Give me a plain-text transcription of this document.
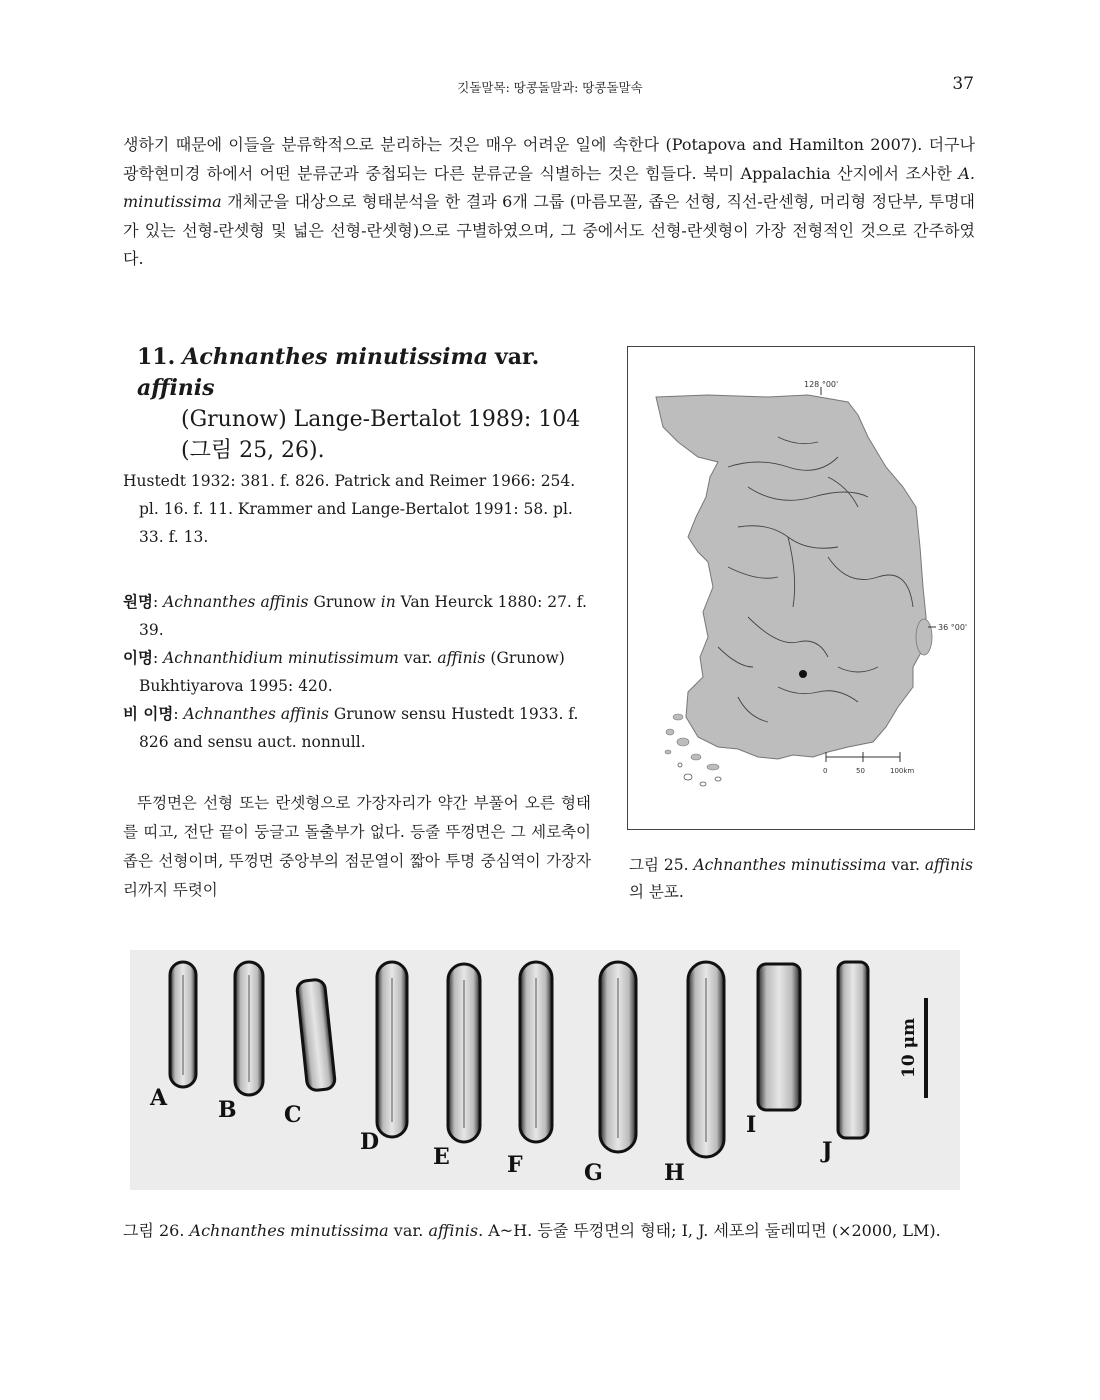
깃돌말목: 땅콩돌말과: 땅콩돌말속	37
생하기 때문에 이들을 분류학적으로 분리하는 것은 매우 어려운 일에 속한다 (Potapova and Hamilton 2007). 더구나 광학현미경 하에서 어떤 분류군과 중첩되는 다른 분류군을 식별하는 것은 힘들다. 북미 Appalachia 산지에서 조사한 A. minutissima 개체군을 대상으로 형태분석을 한 결과 6개 그룹 (마름모꼴, 좁은 선형, 직선-란센형, 머리형 정단부, 투명대가 있는 선형-란셋형 및 넓은 선형-란셋형)으로 구별하였으며, 그 중에서도 선형-란셋형이 가장 전형적인 것으로 간주하였다.
11. Achnanthes minutissima var. affinis
(Grunow) Lange-Bertalot 1989: 104
(그림 25, 26).

Hustedt 1932: 381. f. 826. Patrick and Reimer 1966: 254. pl. 16. f. 11. Krammer and Lange-Bertalot 1991: 58. pl. 33. f. 13.

원명: Achnanthes affinis Grunow in Van Heurck 1880: 27. f. 39.

이명: Achnanthidium minutissimum var. affinis (Grunow) Bukhtiyarova 1995: 420.

비 이명: Achnanthes affinis Grunow sensu Hustedt 1933. f. 826 and sensu auct. nonnull.

뚜껑면은 선형 또는 란셋형으로 가장자리가 약간 부풀어 오른 형태를 띠고, 전단 끝이 둥글고 돌출부가 없다. 등줄 뚜껑면은 그 세로축이 좁은 선형이며, 뚜껑면 중앙부의 점문열이 짧아 투명 중심역이 가장자리까지 뚜렷이
128 °00'
36 °00'
0	50	100km
그림 25. Achnanthes minutissima var. affinis의 분포.
10 μm
A B C
D
E	F	G	H
I
J
그림 26. Achnanthes minutissima var. affinis. A~H. 등줄 뚜껑면의 형태; I, J. 세포의 둘레띠면 (×2000, LM).
